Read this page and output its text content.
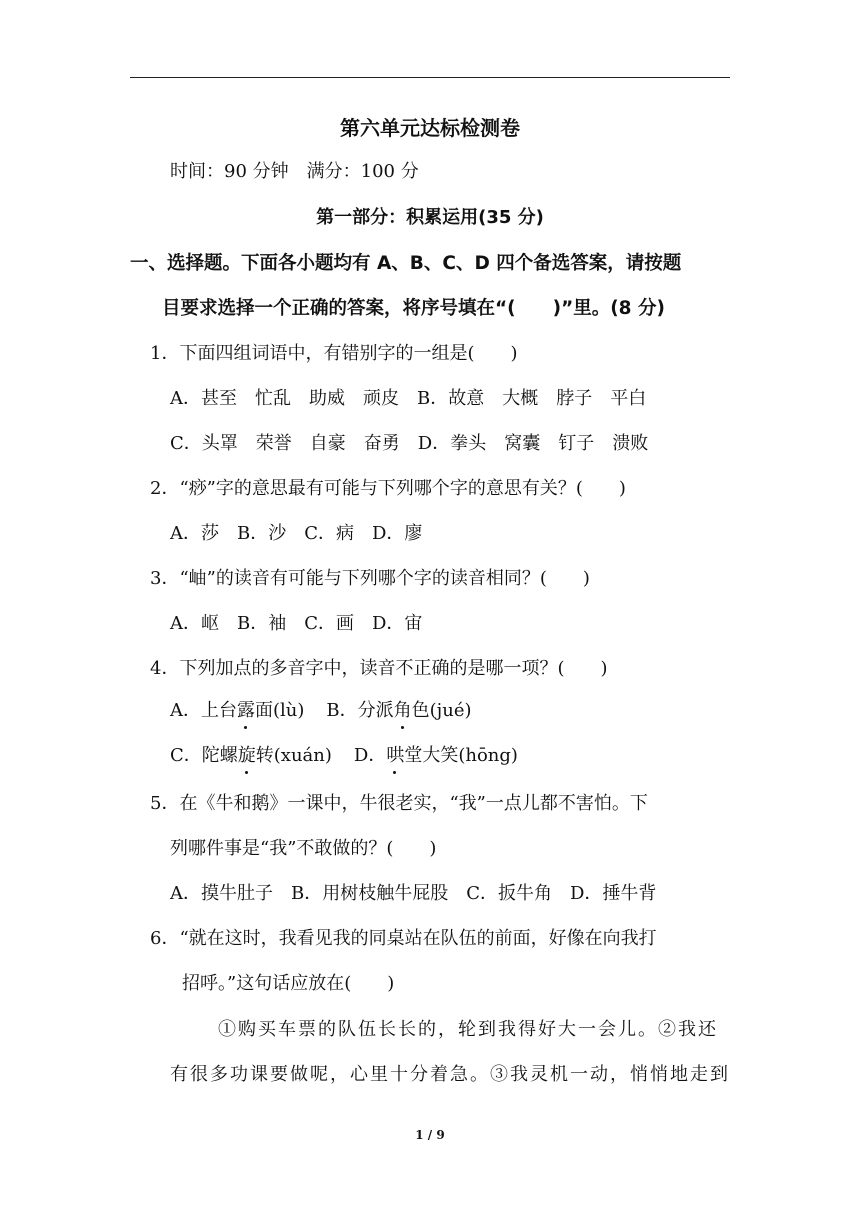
第六单元达标检测卷
时间：90 分钟　满分：100 分
第一部分：积累运用(35 分)
一、选择题。下面各小题均有 A、B、C、D 四个备选答案，请按题
目要求选择一个正确的答案，将序号填在“(　　)”里。(8 分)
1．下面四组词语中，有错别字的一组是(　　)
A．甚至　忙乱　助威　顽皮　B．故意　大概　脖子　平白
C．头罩　荣誉　自豪　奋勇　D．拳头　窝囊　钉子　溃败
2．“痧”字的意思最有可能与下列哪个字的意思有关？(　　)
A．莎　B．沙　C．病　D．廖
3．“岫”的读音有可能与下列哪个字的读音相同？(　　)
A．岖　B．袖　C．画　D．宙
4．下列加点的多音字中，读音不正确的是哪一项？(　　)
A．上台露
面(lù) B．分派角
色(jué)
C．陀螺旋
转(xuán) D．哄
堂大笑(hōng)
5．在《牛和鹅》一课中，牛很老实，“我”一点儿都不害怕。下
列哪件事是“我”不敢做的？(　　)
A．摸牛肚子　B．用树枝触牛屁股　C．扳牛角　D．捶牛背
6．“就在这时，我看见我的同桌站在队伍的前面，好像在向我打
招呼。”这句话应放在(　　)
①购买车票的队伍长长的，轮到我得好大一会儿。②我还
有很多功课要做呢，心里十分着急。③我灵机一动，悄悄地走到
1 / 9
